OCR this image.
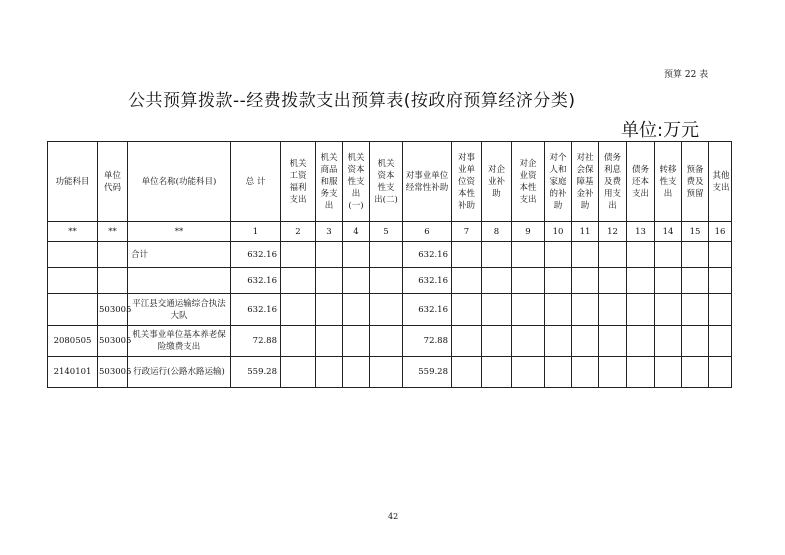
预算 22 表
公共预算拨款--经费拨款支出预算表(按政府预算经济分类)
单位:万元
功能科目	单位代码	单位名称(功能科目)	总 计	机关工资福利支出	机关商品和服务支出	机关资本性支出(一)	机关资本性支出(二)	对事业单位经常性补助	对事业单位资本性补助	对企业补助	对企业资本性支出	对个人和家庭的补助	对社会保障基金补助	债务利息及费用支出	债务还本支出	转移性支出	预备费及预留	其他支出

**	**	**	1	2	3	4	5	6	7	8	9	10	11	12	13	14	15	16
		合计	632.16					632.16										
			632.16					632.16										
	503005	平江县交通运输综合执法大队	632.16					632.16										
2080505	503005	机关事业单位基本养老保险缴费支出	72.88					72.88										
2140101	503005	行政运行(公路水路运输)	559.28					559.28										
42
